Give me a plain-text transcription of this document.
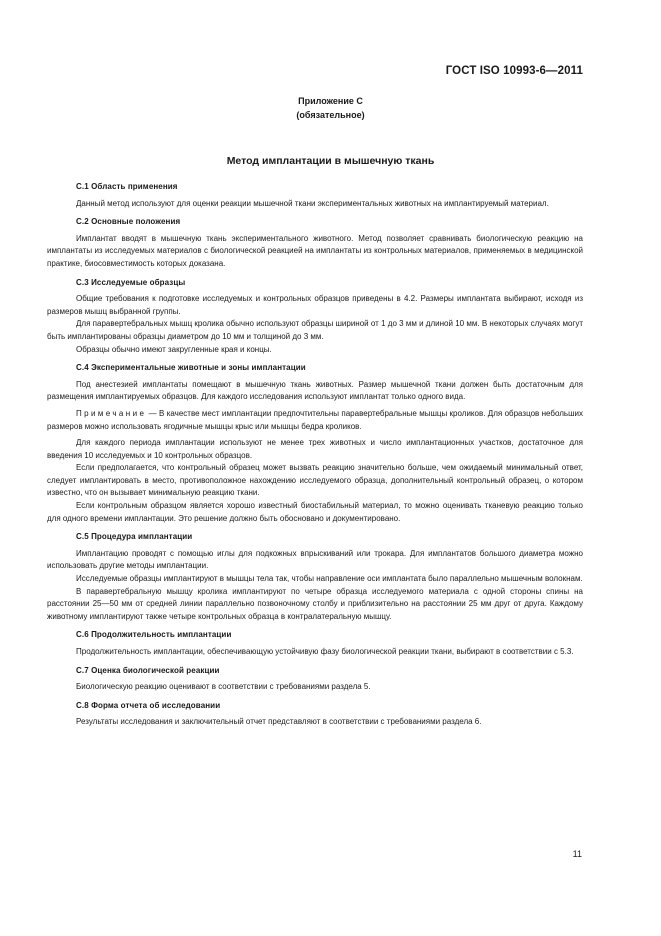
ГОСТ ISO 10993-6—2011
Приложение С
(обязательное)
Метод имплантации в мышечную ткань
С.1 Область применения

Данный метод используют для оценки реакции мышечной ткани экспериментальных животных на имплантируемый материал.

С.2 Основные положения

Имплантат вводят в мышечную ткань экспериментального животного. Метод позволяет сравнивать биологическую реакцию на имплантаты из исследуемых материалов с биологической реакцией на имплантаты из контрольных материалов, применяемых в медицинской практике, биосовместимость которых доказана.

С.3 Исследуемые образцы

Общие требования к подготовке исследуемых и контрольных образцов приведены в 4.2. Размеры имплантата выбирают, исходя из размеров мышц выбранной группы.

Для паравертебральных мышц кролика обычно используют образцы шириной от 1 до 3 мм и длиной 10 мм. В некоторых случаях могут быть имплантированы образцы диаметром до 10 мм и толщиной до 3 мм.

Образцы обычно имеют закругленные края и концы.

С.4 Экспериментальные животные и зоны имплантации

Под анестезией имплантаты помещают в мышечную ткань животных. Размер мышечной ткани должен быть достаточным для размещения имплантируемых образцов. Для каждого исследования используют имплантат только одного вида.

Примечание — В качестве мест имплантации предпочтительны паравертебральные мышцы кроликов. Для образцов небольших размеров можно использовать ягодичные мышцы крыс или мышцы бедра кроликов.

Для каждого периода имплантации используют не менее трех животных и число имплантационных участков, достаточное для введения 10 исследуемых и 10 контрольных образцов.

Если предполагается, что контрольный образец может вызвать реакцию значительно больше, чем ожидаемый минимальный ответ, следует имплантировать в место, противоположное нахождению исследуемого образца, дополнительный контрольный образец, о котором известно, что он вызывает минимальную реакцию ткани.

Если контрольным образцом является хорошо известный биостабильный материал, то можно оценивать тканевую реакцию только для одного времени имплантации. Это решение должно быть обосновано и документировано.

С.5 Процедура имплантации

Имплантацию проводят с помощью иглы для подкожных впрыскиваний или трокара. Для имплантатов большого диаметра можно использовать другие методы имплантации.

Исследуемые образцы имплантируют в мышцы тела так, чтобы направление оси имплантата было параллельно мышечным волокнам.

В паравертебральную мышцу кролика имплантируют по четыре образца исследуемого материала с одной стороны спины на расстоянии 25—50 мм от средней линии параллельно позвоночному столбу и приблизительно на расстоянии 25 мм друг от друга. Каждому животному имплантируют также четыре контрольных образца в контралатеральную мышцу.

С.6 Продолжительность имплантации

Продолжительность имплантации, обеспечивающую устойчивую фазу биологической реакции ткани, выбирают в соответствии с 5.3.

С.7 Оценка биологической реакции

Биологическую реакцию оценивают в соответствии с требованиями раздела 5.

С.8 Форма отчета об исследовании

Результаты исследования и заключительный отчет представляют в соответствии с требованиями раздела 6.

11
